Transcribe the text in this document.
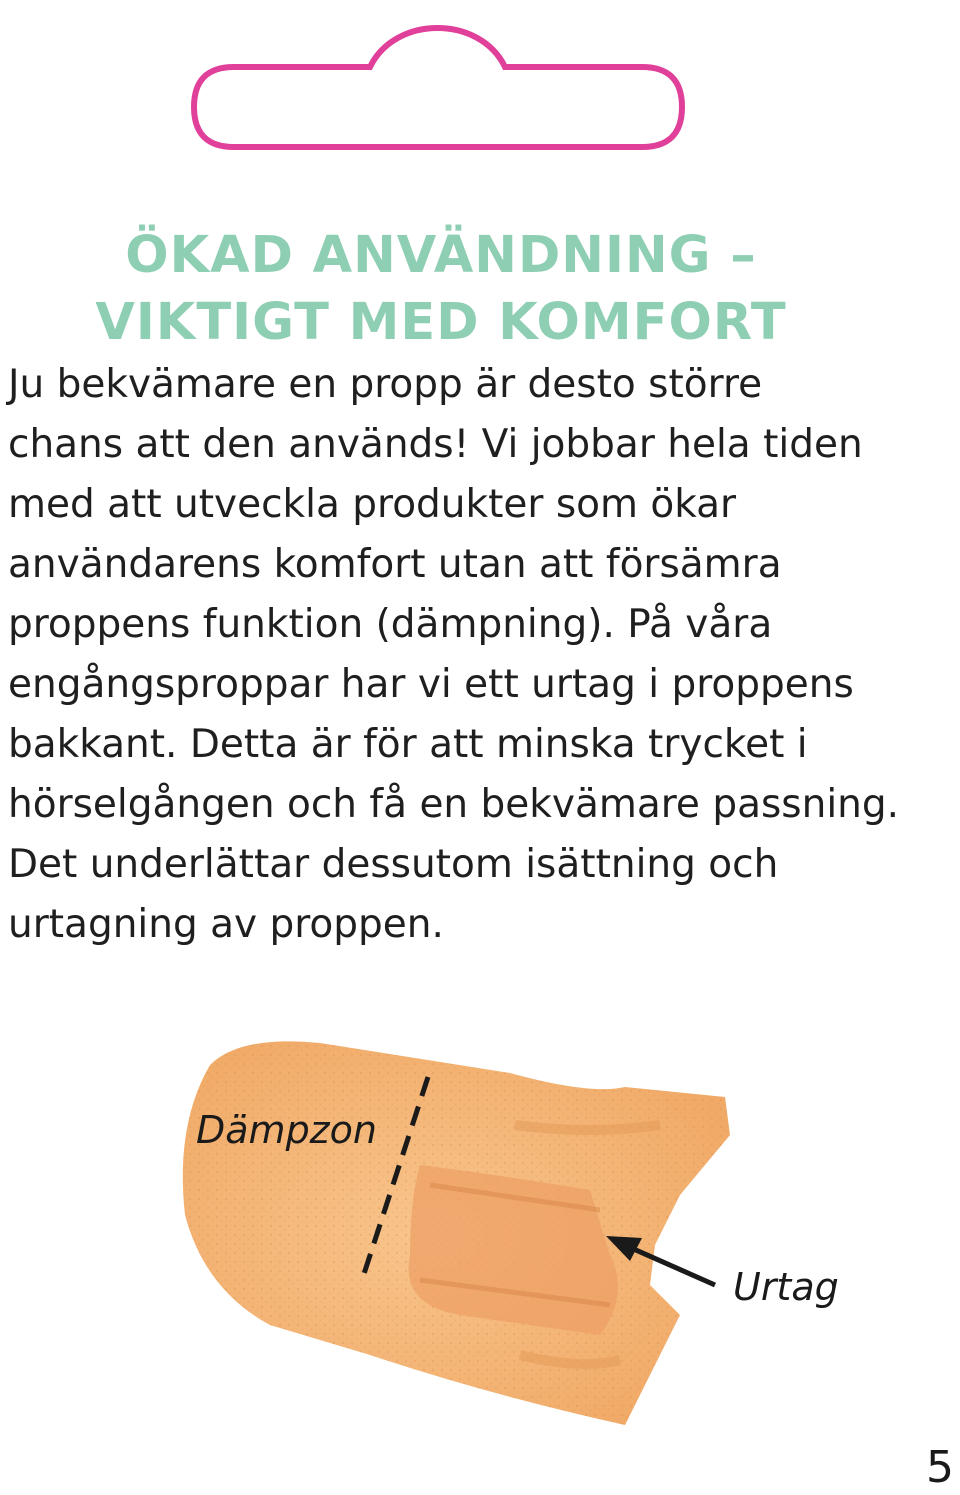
ÖKAD ANVÄNDNING –
VIKTIGT MED KOMFORT

Ju bekvämare en propp är desto större
chans att den används! Vi jobbar hela tiden
med att utveckla produkter som ökar
användarens komfort utan att försämra
proppens funktion (dämpning). På våra
engångsproppar har vi ett urtag i proppens
bakkant. Detta är för att minska trycket i
hörselgången och få en bekvämare passning.
Det underlättar dessutom isättning och
urtagning av proppen.

Dämpzon

Urtag

5
